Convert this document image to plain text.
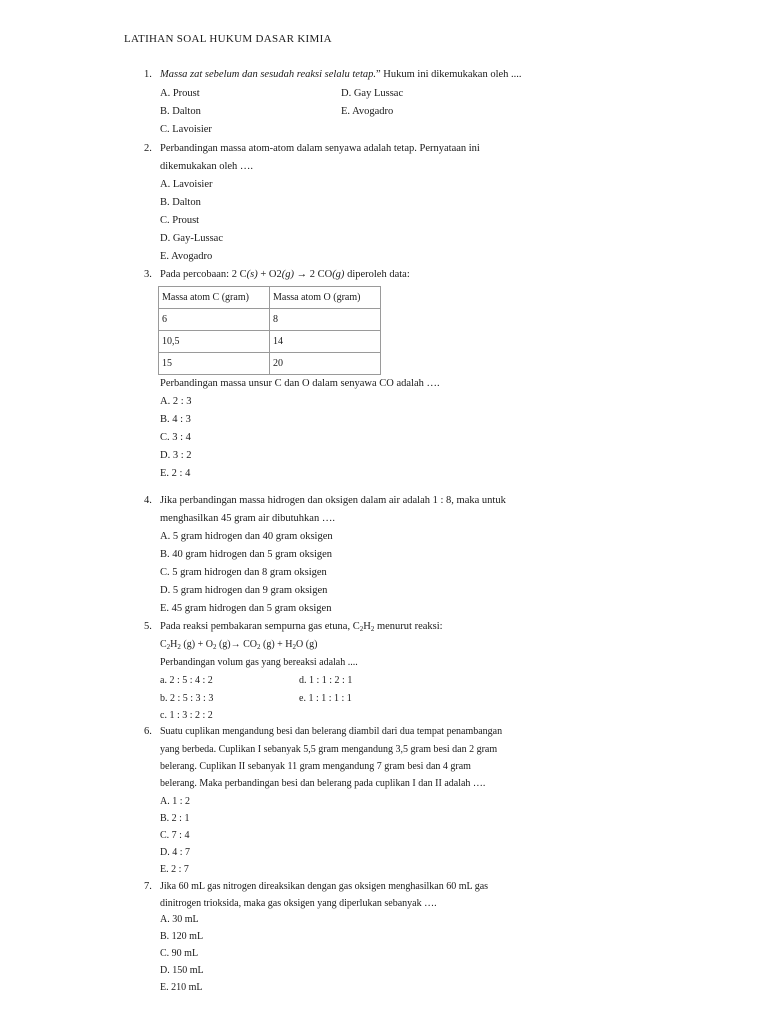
LATIHAN SOAL HUKUM DASAR KIMIA
1. Massa zat sebelum dan sesudah reaksi selalu tetap.” Hukum ini dikemukakan oleh ....
A. Proust	D. Gay Lussac
B. Dalton	E. Avogadro
C. Lavoisier
2. Perbandingan massa atom-atom dalam senyawa adalah tetap. Pernyataan ini
dikemukakan oleh ….
A. Lavoisier
B. Dalton
C. Proust
D. Gay-Lussac
E. Avogadro
3. Pada percobaan: 2 C(s) + O2(g) → 2 CO(g) diperoleh data:
Massa atom C (gram)	Massa atom O (gram)
6	8
10,5	14
15	20
Perbandingan massa unsur C dan O dalam senyawa CO adalah ….
A. 2 : 3
B. 4 : 3
C. 3 : 4
D. 3 : 2
E. 2 : 4
4. Jika perbandingan massa hidrogen dan oksigen dalam air adalah 1 : 8, maka untuk
menghasilkan 45 gram air dibutuhkan ….
A. 5 gram hidrogen dan 40 gram oksigen
B. 40 gram hidrogen dan 5 gram oksigen
C. 5 gram hidrogen dan 8 gram oksigen
D. 5 gram hidrogen dan 9 gram oksigen
E. 45 gram hidrogen dan 5 gram oksigen
5. Pada reaksi pembakaran sempurna gas etuna, $C_2H_2$ menurut reaksi:
$C_2H_2$ $(g) + O_2$ $(g)\to CO_2$ $(g) + H_2O$ (g)
Perbandingan volum gas yang bereaksi adalah ....
a. 2 : 5 : 4 : 2	d. 1 : 1 : 2 : 1
b. 2 : 5 : 3 : 3	e. 1 : 1 : 1 : 1
c. 1 : 3 : 2 : 2
6. Suatu cuplikan mengandung besi dan belerang diambil dari dua tempat penambangan
yang berbeda. Cuplikan I sebanyak 5,5 gram mengandung 3,5 gram besi dan 2 gram
belerang. Cuplikan II sebanyak 11 gram mengandung 7 gram besi dan 4 gram
belerang. Maka perbandingan besi dan belerang pada cuplikan I dan II adalah ….
A. 1 : 2
B. 2 : 1
C. 7 : 4
D. 4 : 7
E. 2 : 7
7. Jika 60 mL gas nitrogen direaksikan dengan gas oksigen menghasilkan 60 mL gas
dinitrogen trioksida, maka gas oksigen yang diperlukan sebanyak ….
A. 30 mL
B. 120 mL
C. 90 mL
D. 150 mL
E. 210 mL
